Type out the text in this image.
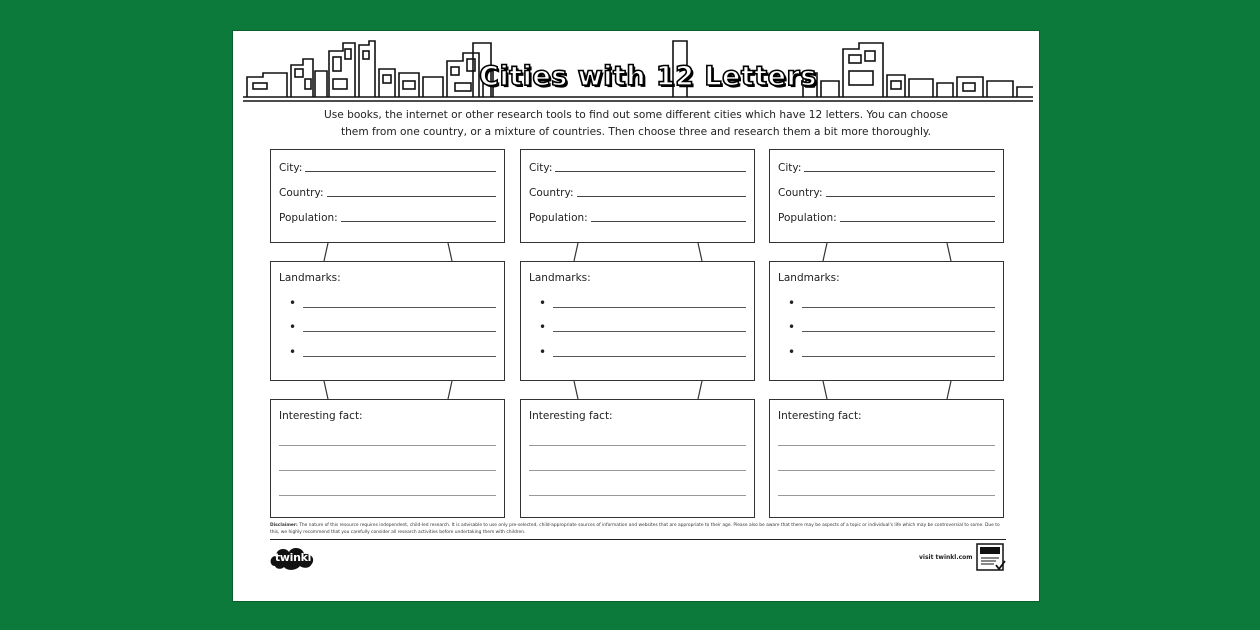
Cities with 12 Letters
Use books, the internet or other research tools to find out some different cities which have 12 letters. You can choose
them from one country, or a mixture of countries. Then choose three and research them a bit more thoroughly.
City:
Country:
Population:
Landmarks:
•
•
•
Interesting fact:
City:
Country:
Population:
Landmarks:
•
•
•
Interesting fact:
City:
Country:
Population:
Landmarks:
•
•
•
Interesting fact:
Disclaimer: The nature of this resource requires independent, child-led research. It is advisable to use only pre-selected, child-appropriate sources of information and websites that are appropriate to their age. Please also be aware that there may be aspects of a topic or individual's life which may be controversial to some. Due to this, we highly recommend that you carefully consider all research activities before undertaking them with children.
twinkl	visit twinkl.com
